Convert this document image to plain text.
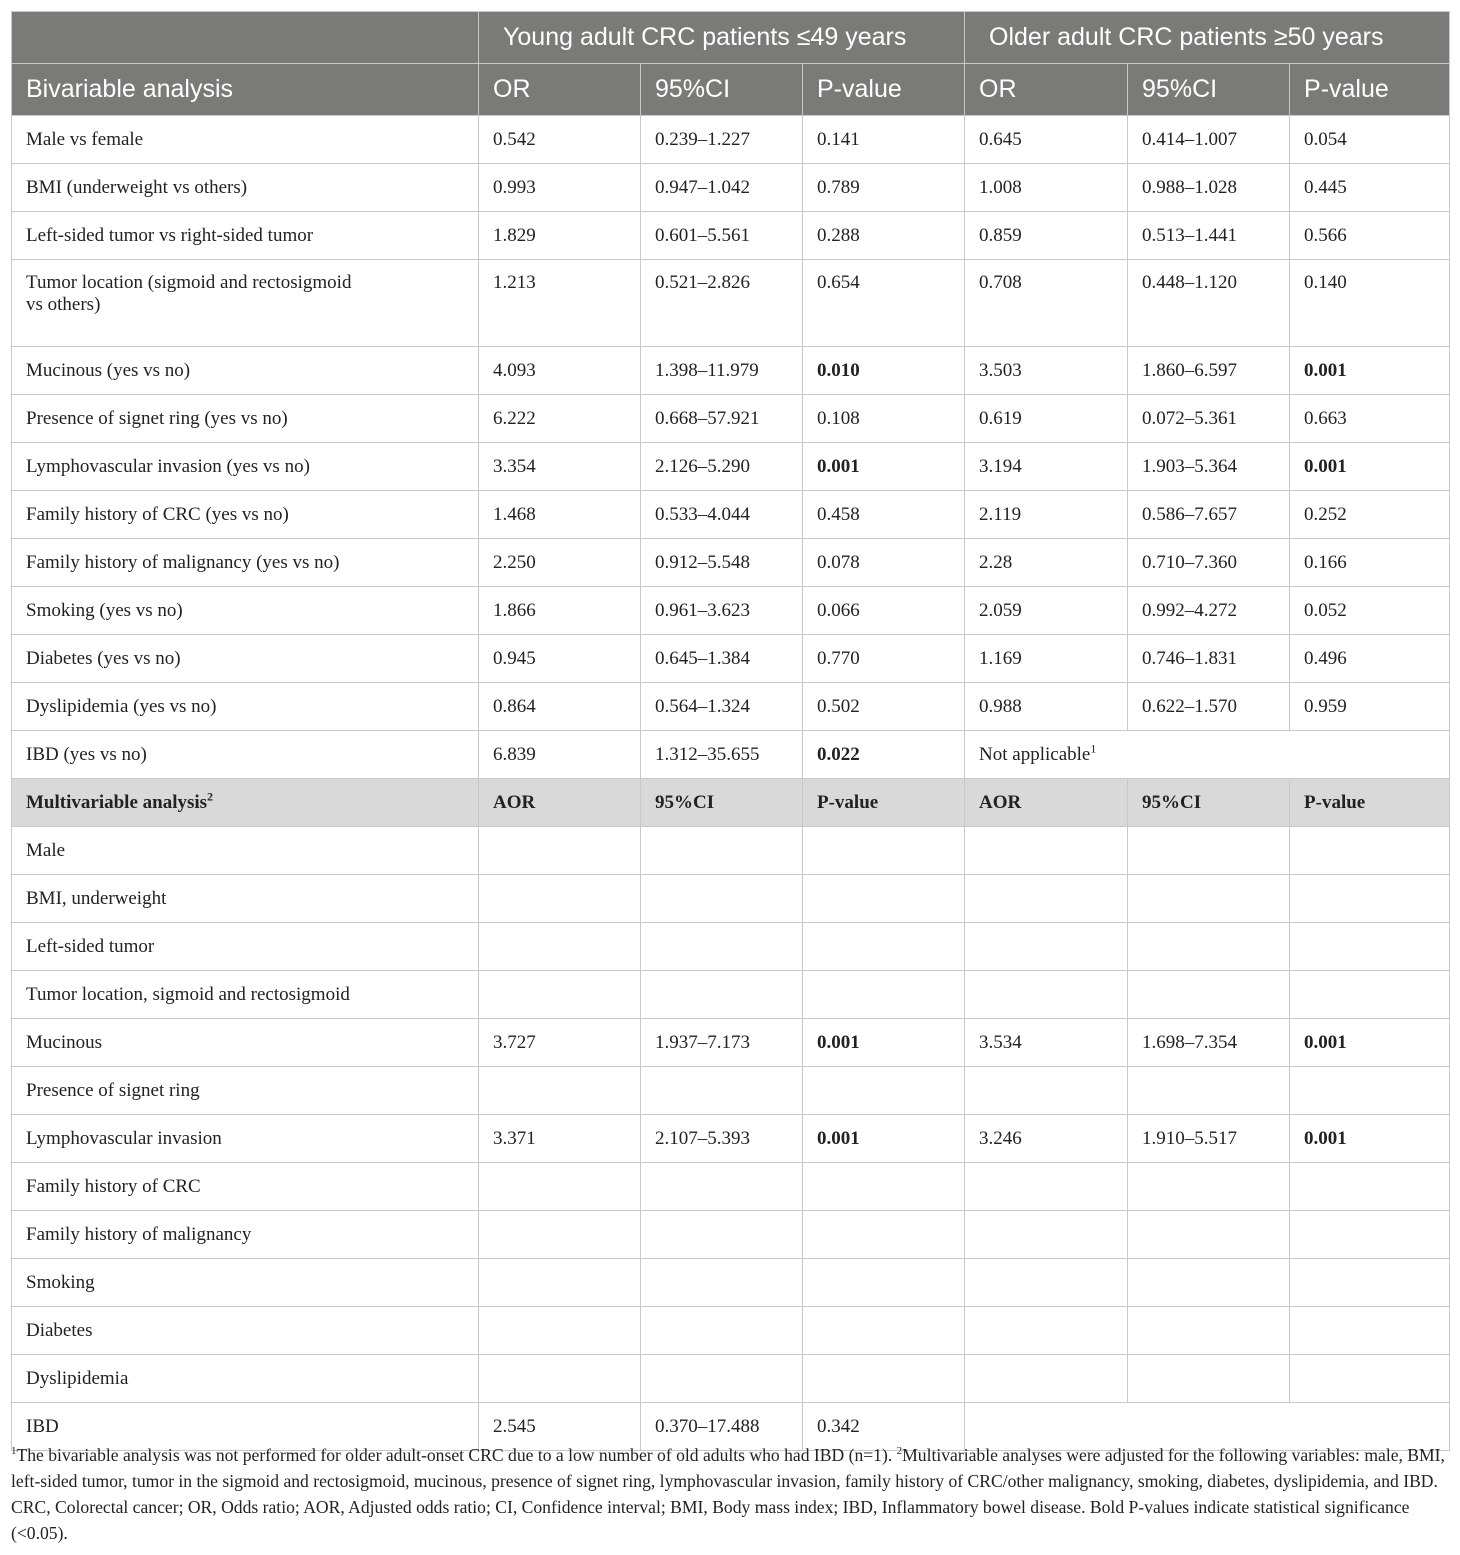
	Young adult CRC patients ≤49 years			Older adult CRC patients ≥50 years		
Bivariable analysis	OR	95%CI	P-value	OR	95%CI	P-value
Male vs female	0.542	0.239–1.227	0.141	0.645	0.414–1.007	0.054
BMI (underweight vs others)	0.993	0.947–1.042	0.789	1.008	0.988–1.028	0.445
Left-sided tumor vs right-sided tumor	1.829	0.601–5.561	0.288	0.859	0.513–1.441	0.566
Tumor location (sigmoid and rectosigmoid
vs others)	1.213	0.521–2.826	0.654	0.708	0.448–1.120	0.140
Mucinous (yes vs no)	4.093	1.398–11.979	0.010	3.503	1.860–6.597	0.001
Presence of signet ring (yes vs no)	6.222	0.668–57.921	0.108	0.619	0.072–5.361	0.663
Lymphovascular invasion (yes vs no)	3.354	2.126–5.290	0.001	3.194	1.903–5.364	0.001
Family history of CRC (yes vs no)	1.468	0.533–4.044	0.458	2.119	0.586–7.657	0.252
Family history of malignancy (yes vs no)	2.250	0.912–5.548	0.078	2.28	0.710–7.360	0.166
Smoking (yes vs no)	1.866	0.961–3.623	0.066	2.059	0.992–4.272	0.052
Diabetes (yes vs no)	0.945	0.645–1.384	0.770	1.169	0.746–1.831	0.496
Dyslipidemia (yes vs no)	0.864	0.564–1.324	0.502	0.988	0.622–1.570	0.959
IBD (yes vs no)	6.839	1.312–35.655	0.022	Not applicable$^1$
Multivariable analysis$^2$	AOR	95%CI	P-value	AOR	95%CI	P-value
Male						
BMI, underweight						
Left-sided tumor						
Tumor location, sigmoid and rectosigmoid						
Mucinous	3.727	1.937–7.173	0.001	3.534	1.698–7.354	0.001
Presence of signet ring						
Lymphovascular invasion	3.371	2.107–5.393	0.001	3.246	1.910–5.517	0.001
Family history of CRC						
Family history of malignancy						
Smoking						
Diabetes						
Dyslipidemia						
IBD	2.545	0.370–17.488	0.342			
$^1$The bivariable analysis was not performed for older adult-onset CRC due to a low number of old adults who had IBD (n=1). $^2$Multivariable analyses were adjusted for the following variables: male, BMI, left-sided tumor, tumor in the sigmoid and rectosigmoid, mucinous, presence of signet ring, lymphovascular invasion, family history of CRC/other malignancy, smoking, diabetes, dyslipidemia, and IBD. CRC, Colorectal cancer; OR, Odds ratio; AOR, Adjusted odds ratio; CI, Confidence interval; BMI, Body mass index; IBD, Inflammatory bowel disease. Bold P-values indicate statistical significance (<0.05).
